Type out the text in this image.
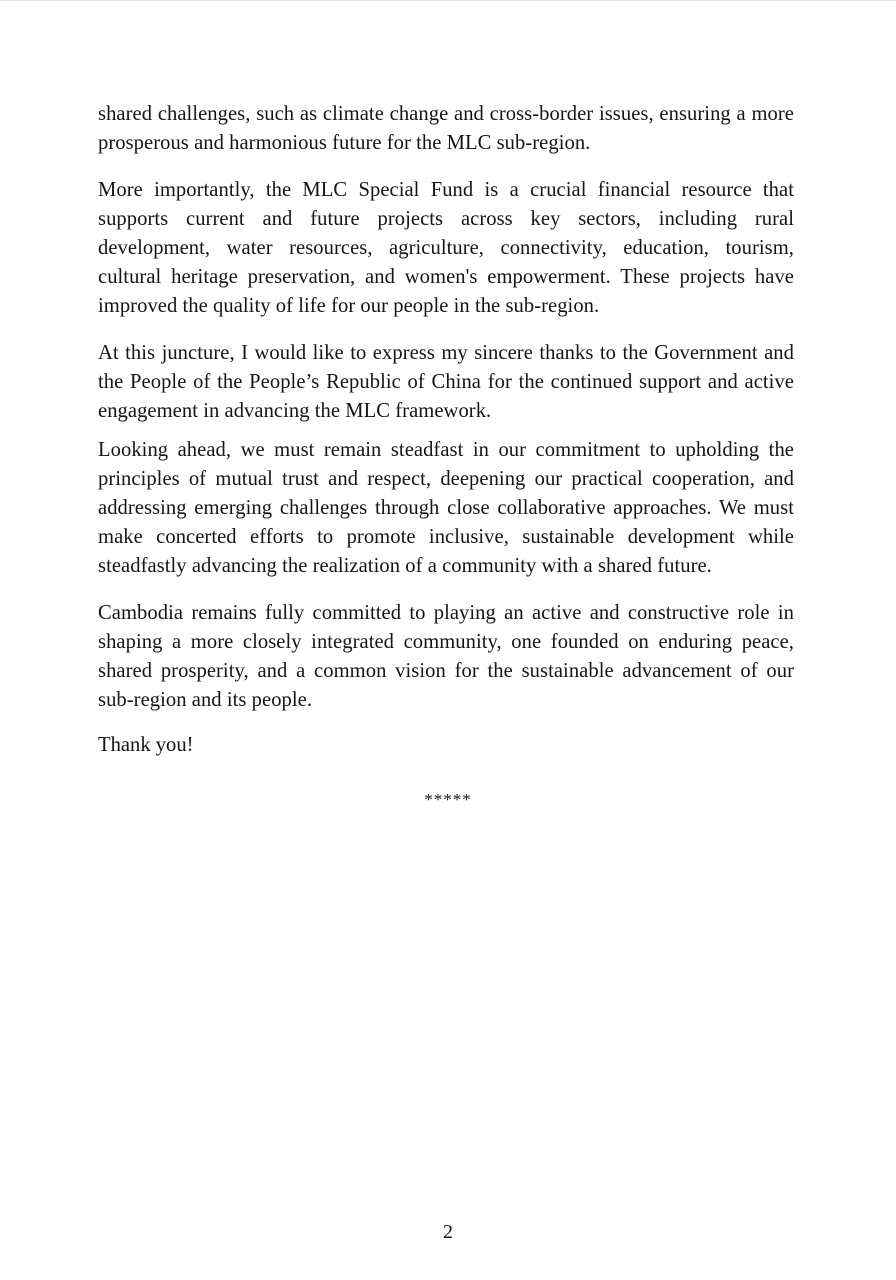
shared challenges, such as climate change and cross-border issues, ensuring a more prosperous and harmonious future for the MLC sub-region.

More importantly, the MLC Special Fund is a crucial financial resource that supports current and future projects across key sectors, including rural development, water resources, agriculture, connectivity, education, tourism, cultural heritage preservation, and women's empowerment. These projects have improved the quality of life for our people in the sub-region.

At this juncture, I would like to express my sincere thanks to the Government and the People of the People’s Republic of China for the continued support and active engagement in advancing the MLC framework.

Looking ahead, we must remain steadfast in our commitment to upholding the principles of mutual trust and respect, deepening our practical cooperation, and addressing emerging challenges through close collaborative approaches. We must make concerted efforts to promote inclusive, sustainable development while steadfastly advancing the realization of a community with a shared future.

Cambodia remains fully committed to playing an active and constructive role in shaping a more closely integrated community, one founded on enduring peace, shared prosperity, and a common vision for the sustainable advancement of our sub-region and its people.

Thank you!

*****
2
